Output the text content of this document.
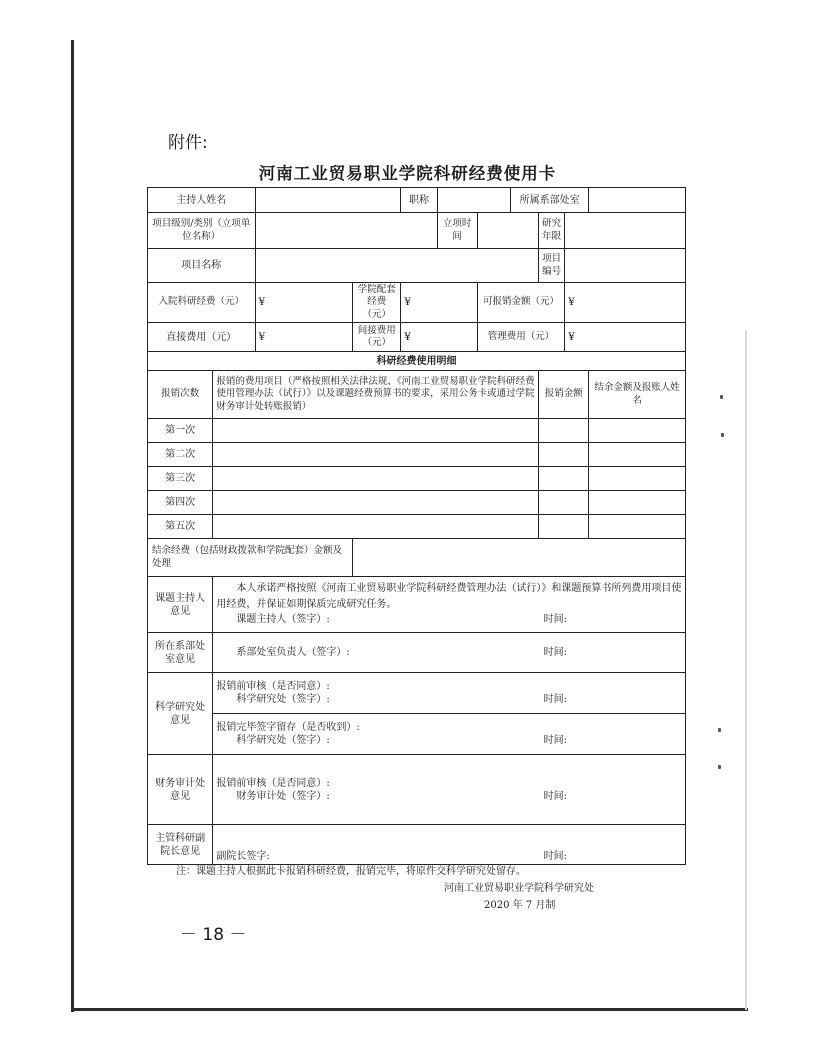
附件:
河南工业贸易职业学院科研经费使用卡
主持人姓名				职称			所属系部处室			
项目级别/类别（立项单位名称）					立项时间			研究年限		
项目名称								项目编号		
入院科研经费（元）		¥	学院配套经费（元）	¥		可报销金额（元）			¥	
直接费用（元）		¥	间接费用（元）	¥		管理费用（元）			¥	
科研经费使用明细										
报销次数	报销的费用项目（严格按照相关法律法规、《河南工业贸易职业学院科研经费使用管理办法（试行）》以及课题经费预算书的要求，采用公务卡或通过学院财务审计处转账报销）							报销金额		结余金额及报账人姓名
第一次										
第二次										
第三次										
第四次										
第五次										
结余经费（包括财政拨款和学院配套）金额及处理										
课题主持人意见	本人承诺严格按照《河南工业贸易职业学院科研经费管理办法（试行）》和课题预算书所列费用项目使用经费，并保证如期保质完成研究任务。
课题主持人（签字）: 时间:									

所在系部处室意见	系部处室负责人（签字）: 时间:									

科学研究处意见	报销前审核（是否同意）:
科学研究处（签字）: 时间:									

	报销完毕签字留存（是否收到）:
科学研究处（签字）: 时间:									

财务审计处意见	报销前审核（是否同意）:
财务审计处（签字）: 时间:									

主管科研副院长意见	副院长签字: 时间:									
注：课题主持人根据此卡报销科研经费，报销完毕，将原件交科学研究处留存。
河南工业贸易职业学院科学研究处
2020 年 7 月制
－ 18 －
